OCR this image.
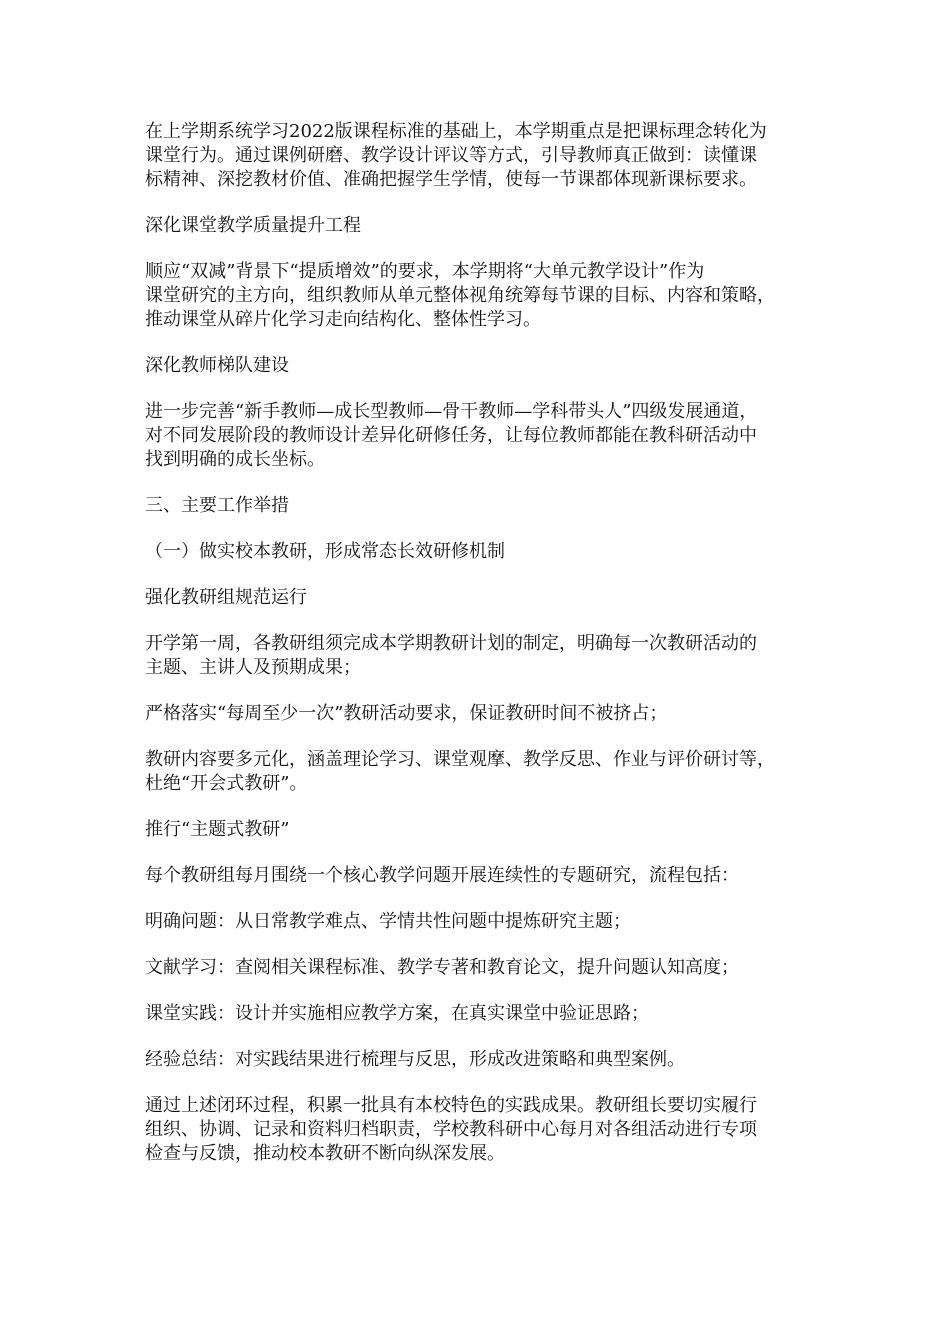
在上学期系统学习2022版课程标准的基础上，本学期重点是把课标理念转化为
课堂行为。通过课例研磨、教学设计评议等方式，引导教师真正做到：读懂课
标精神、深挖教材价值、准确把握学生学情，使每一节课都体现新课标要求。

深化课堂教学质量提升工程

顺应“双减”背景下“提质增效”的要求，本学期将“大单元教学设计”作为
课堂研究的主方向，组织教师从单元整体视角统筹每节课的目标、内容和策略，
推动课堂从碎片化学习走向结构化、整体性学习。

深化教师梯队建设

进一步完善“新手教师—成长型教师—骨干教师—学科带头人”四级发展通道，
对不同发展阶段的教师设计差异化研修任务，让每位教师都能在教科研活动中
找到明确的成长坐标。

三、主要工作举措

（一）做实校本教研，形成常态长效研修机制

强化教研组规范运行

开学第一周，各教研组须完成本学期教研计划的制定，明确每一次教研活动的
主题、主讲人及预期成果；

严格落实“每周至少一次”教研活动要求，保证教研时间不被挤占；

教研内容要多元化，涵盖理论学习、课堂观摩、教学反思、作业与评价研讨等，
杜绝“开会式教研”。

推行“主题式教研”

每个教研组每月围绕一个核心教学问题开展连续性的专题研究，流程包括：

明确问题：从日常教学难点、学情共性问题中提炼研究主题；

文献学习：查阅相关课程标准、教学专著和教育论文，提升问题认知高度；

课堂实践：设计并实施相应教学方案，在真实课堂中验证思路；

经验总结：对实践结果进行梳理与反思，形成改进策略和典型案例。

通过上述闭环过程，积累一批具有本校特色的实践成果。教研组长要切实履行
组织、协调、记录和资料归档职责，学校教科研中心每月对各组活动进行专项
检查与反馈，推动校本教研不断向纵深发展。
